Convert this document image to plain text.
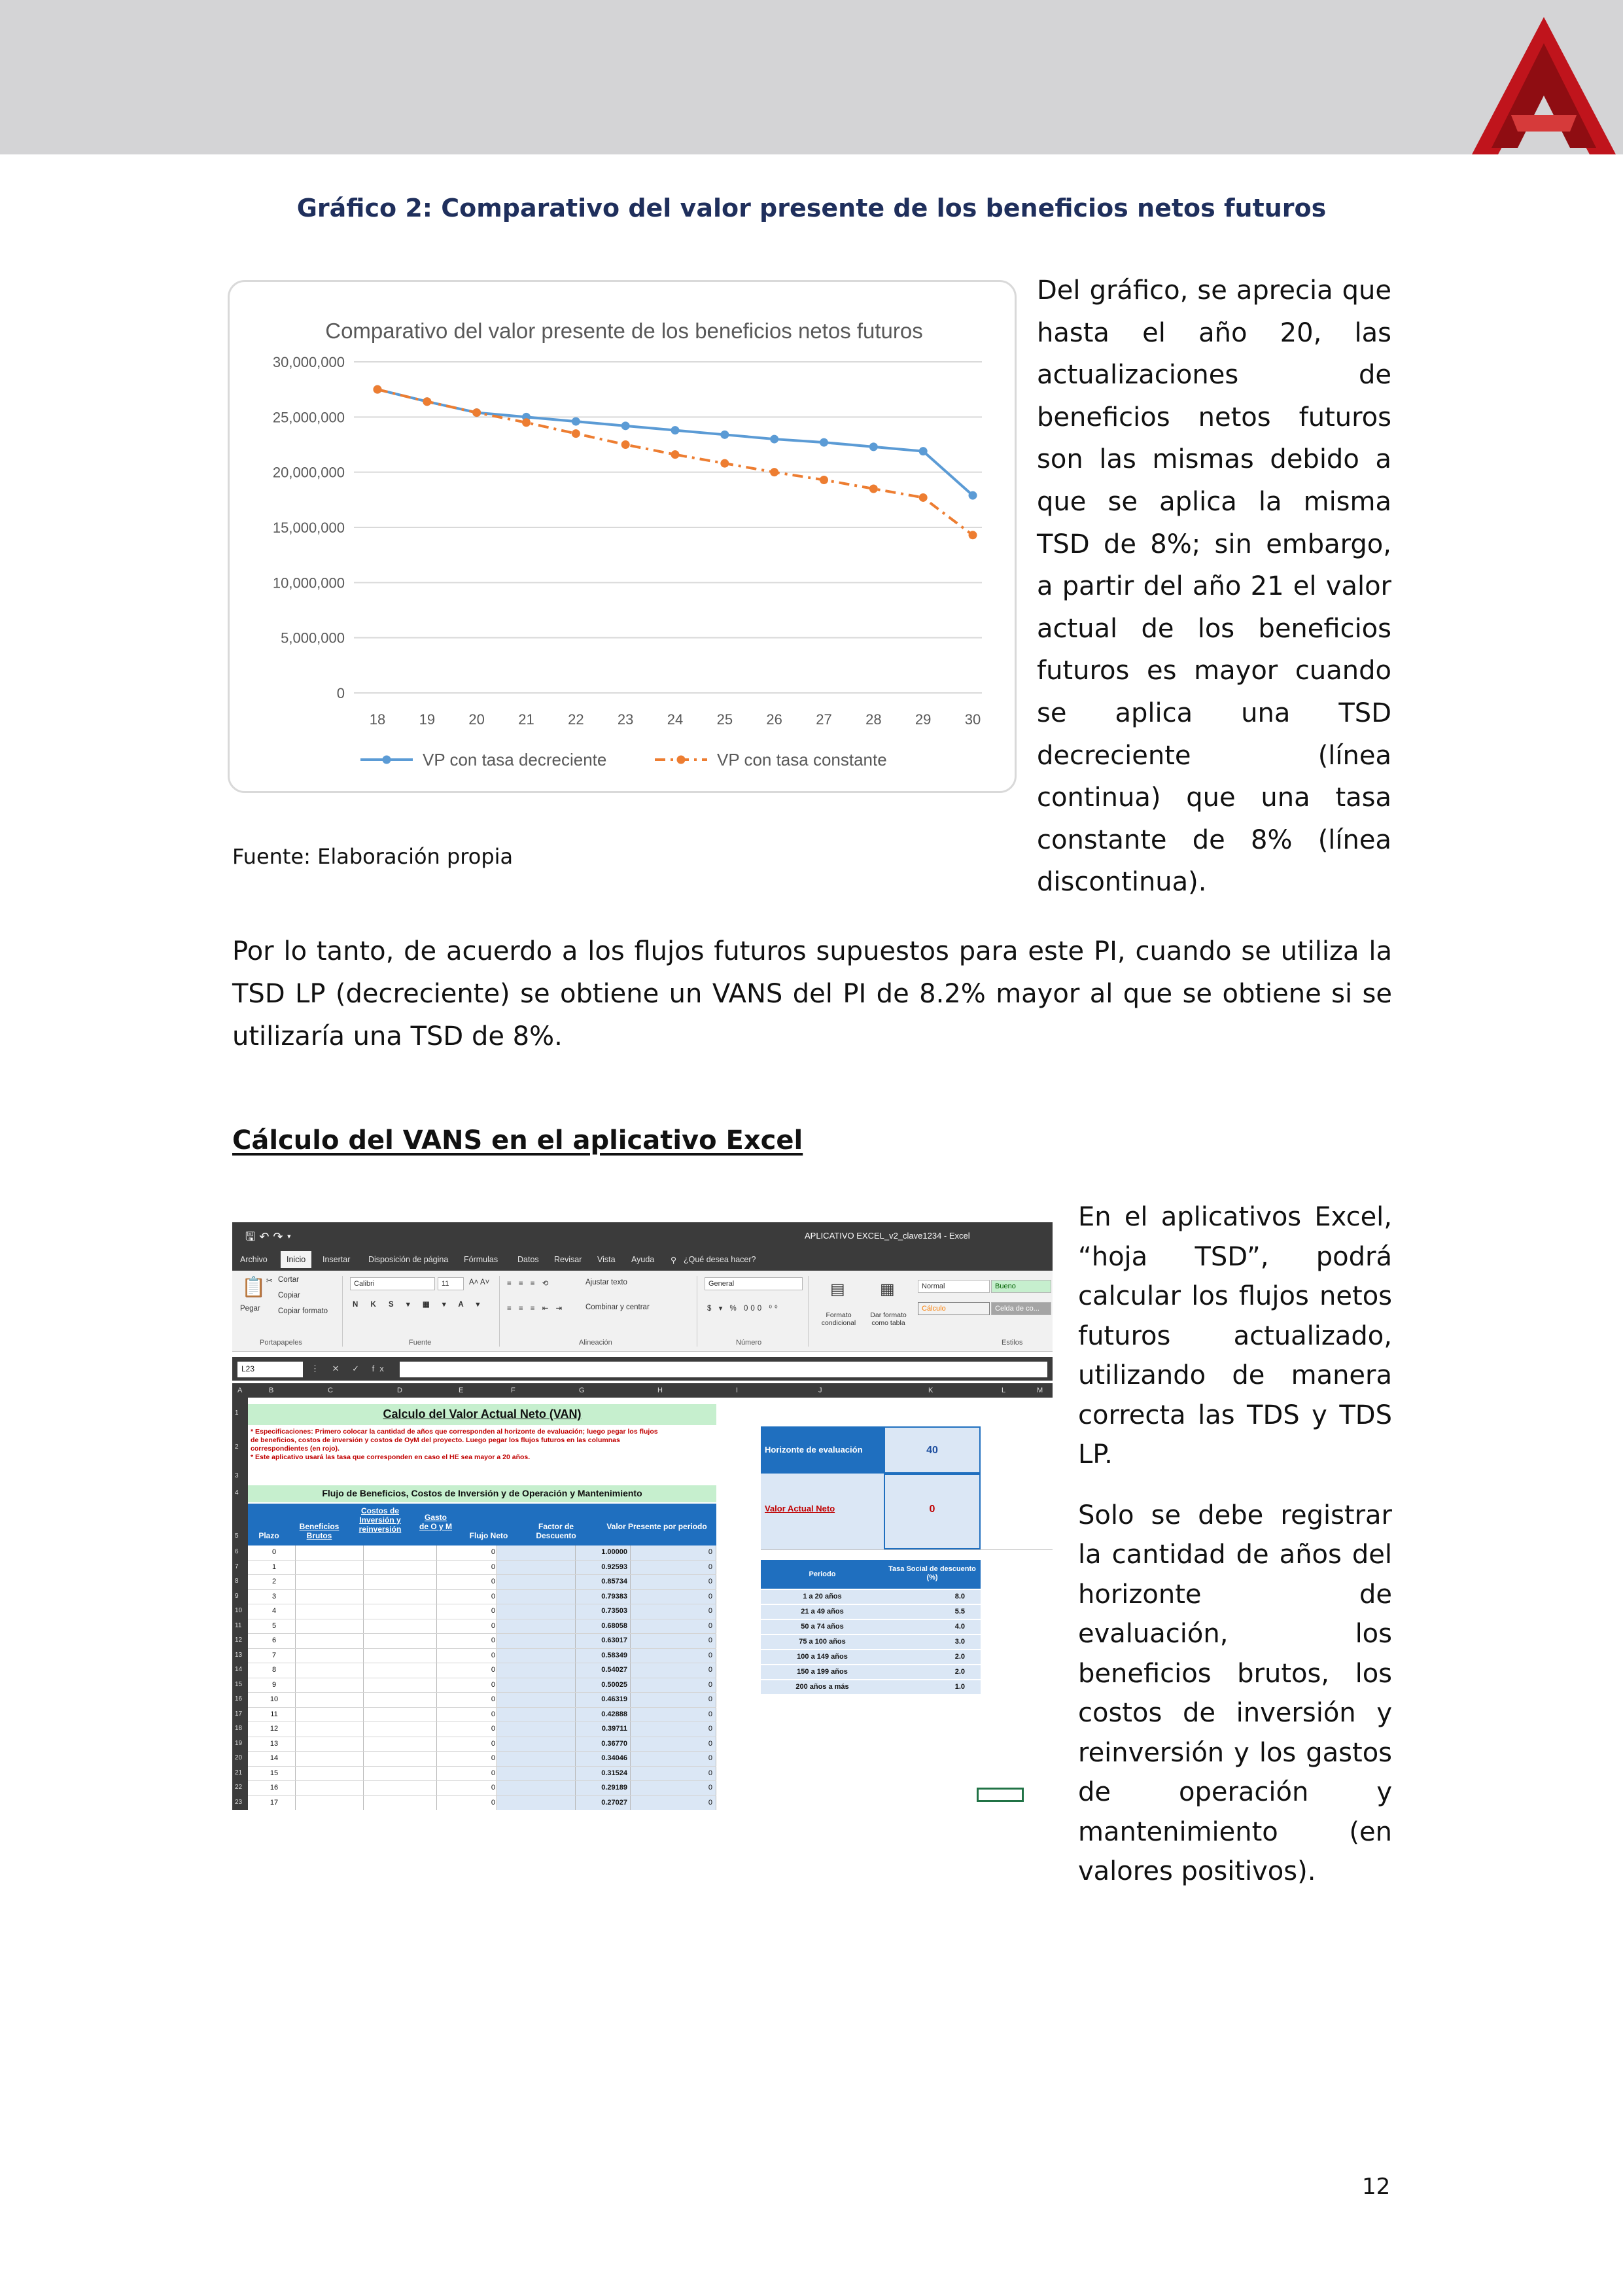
Gráfico 2: Comparativo del valor presente de los beneficios netos futuros
Comparativo del valor presente de los beneficios netos futuros
0
5,000,000
10,000,000
15,000,000
20,000,000
25,000,000
30,000,000
18 19 20 21 22 23 24 25 26 27 28 29 30
VP con tasa decreciente	VP con tasa constante

Del gráfico, se aprecia que hasta el año 20, las actualizaciones de beneficios netos futuros son las mismas debido a que se aplica la misma TSD de 8%; sin embargo, a partir del año 21 el valor actual de los beneficios futuros es mayor cuando se aplica una TSD decreciente (línea continua) que una tasa constante de 8% (línea discontinua).

Fuente: Elaboración propia
Por lo tanto, de acuerdo a los flujos futuros supuestos para este PI, cuando se utiliza la TSD LP (decreciente) se obtiene un VANS del PI de 8.2% mayor al que se obtiene si se utilizaría una TSD de 8%.
Cálculo del VANS en el aplicativo Excel
🖫↶↷▾	APLICATIVO EXCEL_v2_clave1234 - Excel
Archivo	Inicio	Insertar Disposición de página Fórmulas Datos Revisar Vista Ayuda ⚲ ¿Qué desea hacer?
📋
Pegar
✂ Cortar
Copiar
Copiar formato
Portapapeles
Calibri	11	A˄ A˅
N K S ▾ ▦ ▾ A ▾
Fuente
≡ ≡ ≡ ⟲	Ajustar texto
≡ ≡ ≡ ⇤ ⇥	Combinar y centrar
Alineación
General
$ ▾ % 000 ⁰⁰
Número
Formato condicional
Dar formato como tabla
▤ ▦	Normal	Bueno
Cálculo	Celda de co...
Estilos
L23	⋮ ✕ ✓ fx
A	B	C	D	E	F	G	H	I	J	K	L	M
1
2
3
4
5
6
7
8
9
10
11
12
13
14
15
16
17
18
19
20
21
22
23
Calculo del Valor Actual Neto (VAN)
* Especificaciones: Primero colocar la cantidad de años que corresponden al horizonte de evaluación; luego pegar los flujos
de beneficios, costos de inversión y costos de OyM del proyecto. Luego pegar los flujos futuros en las columnas
correspondientes (en rojo).
* Este aplicativo usará las tasa que corresponden en caso el HE sea mayor a 20 años.
Flujo de Beneficios, Costos de Inversión y de Operación y Mantenimiento
Plazo
Beneficios Brutos
Costos de Inversión y reinversión
Gasto de O y M
Flujo Neto
Factor de Descuento
Valor Presente por periodo
0	0	1.00000	0
1	0	0.92593	0
2	0	0.85734	0
3	0	0.79383	0
4	0	0.73503	0
5	0	0.68058	0
6	0	0.63017	0
7	0	0.58349	0
8	0	0.54027	0
9	0	0.50025	0
10	0	0.46319	0
11	0	0.42888	0
12	0	0.39711	0
13	0	0.36770	0
14	0	0.34046	0
15	0	0.31524	0
16	0	0.29189	0
17	0	0.27027	0
Horizonte de evaluación	40
Valor Actual Neto	0
Periodo
Tasa Social de descuento (%)
1 a 20 años	8.0
21 a 49 años	5.5
50 a 74 años	4.0
75 a 100 años	3.0
100 a 149 años	2.0
150 a 199 años	2.0
200 años a más	1.0

En el aplicativos Excel, “hoja TSD”, podrá calcular los flujos netos futuros actualizado, utilizando de manera correcta las TDS y TDS LP.

Solo se debe registrar la cantidad de años del horizonte de evaluación, los beneficios brutos, los costos de inversión y reinversión y los gastos de operación y mantenimiento (en valores positivos).

12
